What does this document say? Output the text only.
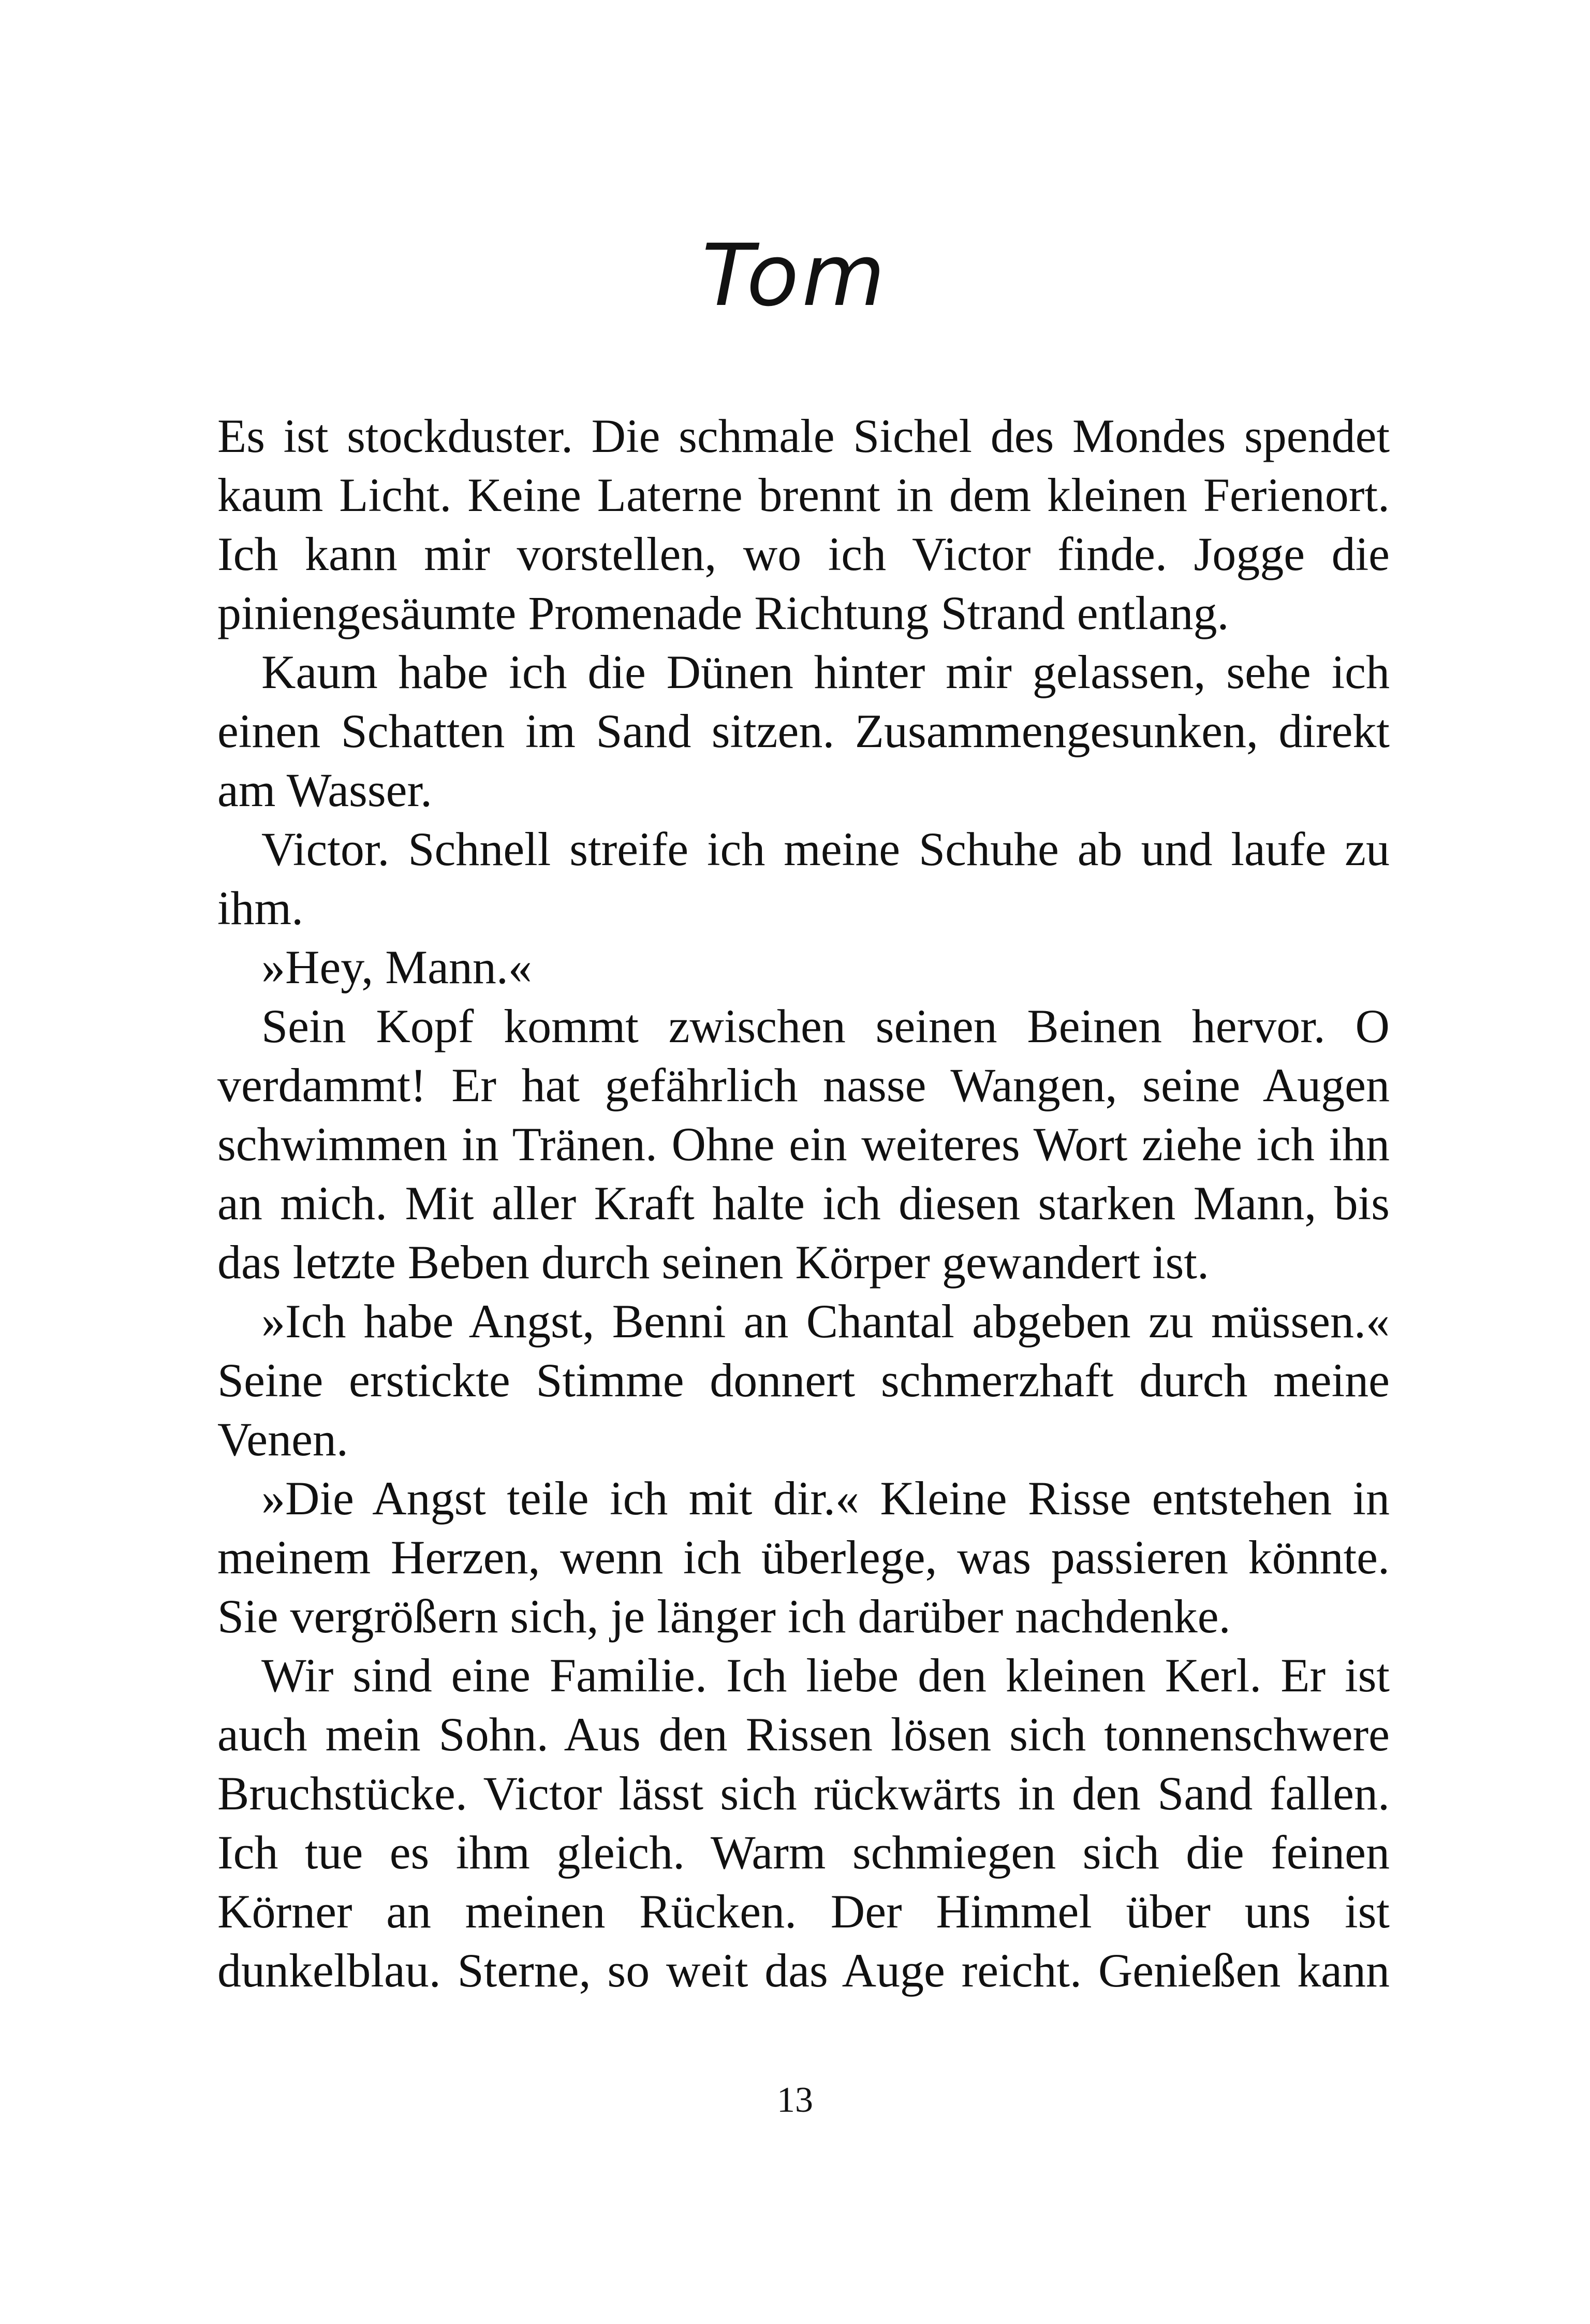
Tom

Es ist stockduster. Die schmale Sichel des Mondes spendet kaum Licht. Keine Laterne brennt in dem kleinen Ferienort. Ich kann mir vorstellen, wo ich Victor finde. Jogge die piniengesäumte Promenade Richtung Strand entlang.

Kaum habe ich die Dünen hinter mir gelassen, sehe ich einen Schatten im Sand sitzen. Zusammengesunken, direkt am Wasser.

Victor. Schnell streife ich meine Schuhe ab und laufe zu ihm.

»Hey, Mann.«

Sein Kopf kommt zwischen seinen Beinen hervor. O verdammt! Er hat gefährlich nasse Wangen, seine Augen schwimmen in Tränen. Ohne ein weiteres Wort ziehe ich ihn an mich. Mit aller Kraft halte ich diesen starken Mann, bis das letzte Beben durch seinen Körper gewandert ist.

»Ich habe Angst, Benni an Chantal abgeben zu müssen.« Seine erstickte Stimme donnert schmerzhaft durch meine Venen.

»Die Angst teile ich mit dir.« Kleine Risse entstehen in meinem Herzen, wenn ich überlege, was passieren könnte. Sie vergrößern sich, je länger ich darüber nachdenke.

Wir sind eine Familie. Ich liebe den kleinen Kerl. Er ist auch mein Sohn. Aus den Rissen lösen sich tonnenschwere Bruchstücke. Victor lässt sich rückwärts in den Sand fallen. Ich tue es ihm gleich. Warm schmiegen sich die feinen Körner an meinen Rücken. Der Himmel über uns ist dunkelblau. Sterne, so weit das Auge reicht. Genießen kann

13
